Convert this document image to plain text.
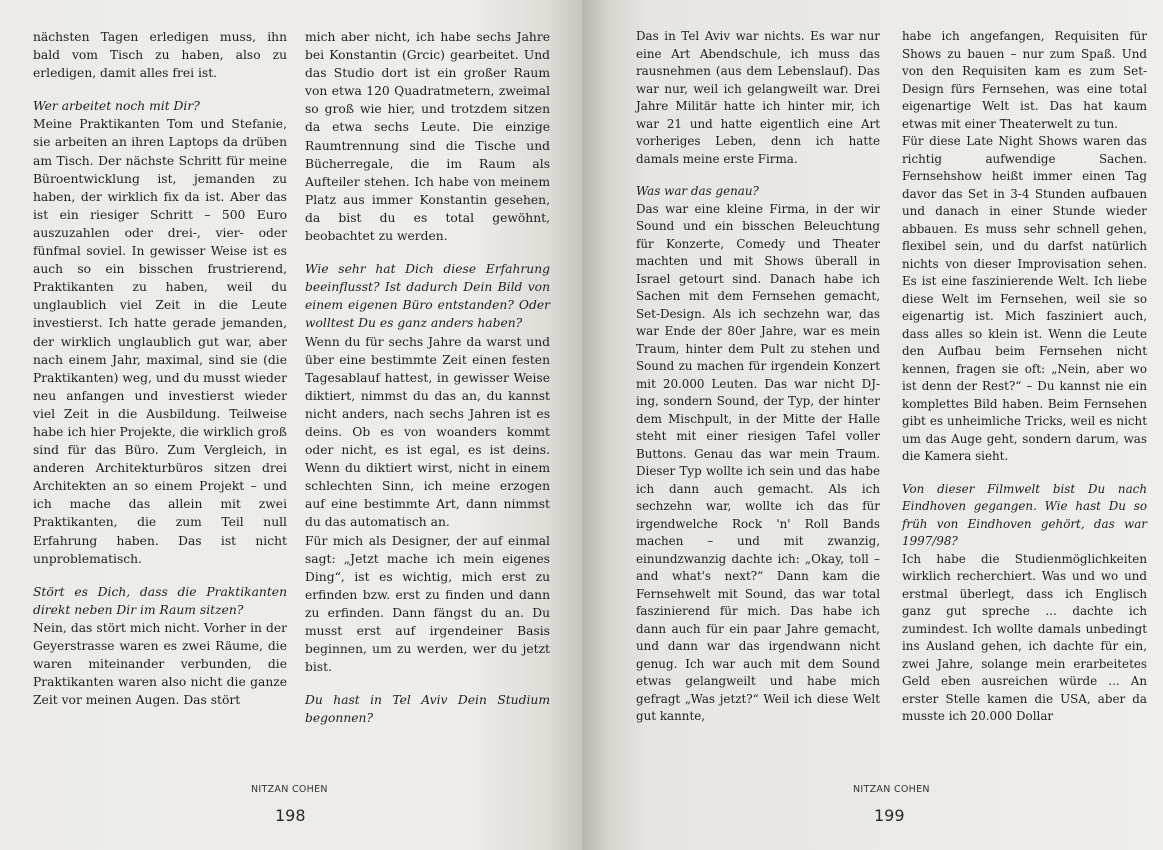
nächsten Tagen erledigen muss, ihn bald vom Tisch zu haben, also zu erledigen, damit alles frei ist.

Wer arbeitet noch mit Dir?

Meine Praktikanten Tom und Stefanie, sie arbeiten an ihren Laptops da drüben am Tisch. Der nächste Schritt für meine Büroentwicklung ist, jemanden zu haben, der wirklich fix da ist. Aber das ist ein riesiger Schritt – 500 Euro auszuzahlen oder drei-, vier- oder fünfmal soviel. In gewisser Weise ist es auch so ein bisschen frustrierend, Praktikanten zu haben, weil du unglaublich viel Zeit in die Leute investierst. Ich hatte gerade jemanden, der wirklich unglaublich gut war, aber nach einem Jahr, maximal, sind sie (die Praktikanten) weg, und du musst wieder neu anfangen und investierst wieder viel Zeit in die Ausbildung. Teilweise habe ich hier Projekte, die wirklich groß sind für das Büro. Zum Vergleich, in anderen Architekturbüros sitzen drei Architekten an so einem Projekt – und ich mache das allein mit zwei Praktikanten, die zum Teil null Erfahrung haben. Das ist nicht unproblematisch.

Stört es Dich, dass die Praktikanten direkt neben Dir im Raum sitzen?

Nein, das stört mich nicht. Vorher in der Geyerstrasse waren es zwei Räume, die waren miteinander verbunden, die Praktikanten waren also nicht die ganze Zeit vor meinen Augen. Das stört

mich aber nicht, ich habe sechs Jahre bei Konstantin (Grcic) gearbeitet. Und das Studio dort ist ein großer Raum von etwa 120 Quadratmetern, zweimal so groß wie hier, und trotzdem sitzen da etwa sechs Leute. Die einzige Raumtrennung sind die Tische und Bücherregale, die im Raum als Aufteiler stehen. Ich habe von meinem Platz aus immer Konstantin gesehen, da bist du es total gewöhnt, beobachtet zu werden.

Wie sehr hat Dich diese Erfahrung beeinflusst? Ist dadurch Dein Bild von einem eigenen Büro entstanden? Oder wolltest Du es ganz anders haben?

Wenn du für sechs Jahre da warst und über eine bestimmte Zeit einen festen Tagesablauf hattest, in gewisser Weise diktiert, nimmst du das an, du kannst nicht anders, nach sechs Jahren ist es deins. Ob es von woanders kommt oder nicht, es ist egal, es ist deins. Wenn du diktiert wirst, nicht in einem schlechten Sinn, ich meine erzogen auf eine bestimmte Art, dann nimmst du das automatisch an.

Für mich als Designer, der auf einmal sagt: „Jetzt mache ich mein eigenes Ding“, ist es wichtig, mich erst zu erfinden bzw. erst zu finden und dann zu erfinden. Dann fängst du an. Du musst erst auf irgendeiner Basis beginnen, um zu werden, wer du jetzt bist.

Du hast in Tel Aviv Dein Studium begonnen?

NITZAN COHEN
198

Das in Tel Aviv war nichts. Es war nur eine Art Abendschule, ich muss das rausnehmen (aus dem Lebenslauf). Das war nur, weil ich gelangweilt war. Drei Jahre Militär hatte ich hinter mir, ich war 21 und hatte eigentlich eine Art vorheriges Leben, denn ich hatte damals meine erste Firma.

Was war das genau?

Das war eine kleine Firma, in der wir Sound und ein bisschen Beleuchtung für Konzerte, Comedy und Theater machten und mit Shows überall in Israel getourt sind. Danach habe ich Sachen mit dem Fernsehen gemacht, Set-Design. Als ich sechzehn war, das war Ende der 80er Jahre, war es mein Traum, hinter dem Pult zu stehen und Sound zu machen für irgendein Konzert mit 20.000 Leuten. Das war nicht DJ-ing, sondern Sound, der Typ, der hinter dem Mischpult, in der Mitte der Halle steht mit einer riesigen Tafel voller Buttons. Genau das war mein Traum. Dieser Typ wollte ich sein und das habe ich dann auch gemacht. Als ich sechzehn war, wollte ich das für irgendwelche Rock 'n' Roll Bands machen – und mit zwanzig, einundzwanzig dachte ich: „Okay, toll – and what's next?“ Dann kam die Fernsehwelt mit Sound, das war total faszinierend für mich. Das habe ich dann auch für ein paar Jahre gemacht, und dann war das irgendwann nicht genug. Ich war auch mit dem Sound etwas gelangweilt und habe mich gefragt „Was jetzt?“ Weil ich diese Welt gut kannte,

habe ich angefangen, Requisiten für Shows zu bauen – nur zum Spaß. Und von den Requisiten kam es zum Set-Design fürs Fernsehen, was eine total eigenartige Welt ist. Das hat kaum etwas mit einer Theaterwelt zu tun.

Für diese Late Night Shows waren das richtig aufwendige Sachen. Fernsehshow heißt immer einen Tag davor das Set in 3-4 Stunden aufbauen und danach in einer Stunde wieder abbauen. Es muss sehr schnell gehen, flexibel sein, und du darfst natürlich nichts von dieser Improvisation sehen. Es ist eine faszinierende Welt. Ich liebe diese Welt im Fernsehen, weil sie so eigenartig ist. Mich fasziniert auch, dass alles so klein ist. Wenn die Leute den Aufbau beim Fernsehen nicht kennen, fragen sie oft: „Nein, aber wo ist denn der Rest?“ – Du kannst nie ein komplettes Bild haben. Beim Fernsehen gibt es unheimliche Tricks, weil es nicht um das Auge geht, sondern darum, was die Kamera sieht.

Von dieser Filmwelt bist Du nach Eindhoven gegangen. Wie hast Du so früh von Eindhoven gehört, das war 1997/98?

Ich habe die Studienmöglichkeiten wirklich recherchiert. Was und wo und erstmal überlegt, dass ich Englisch ganz gut spreche ... dachte ich zumindest. Ich wollte damals unbedingt ins Ausland gehen, ich dachte für ein, zwei Jahre, solange mein erarbeitetes Geld eben ausreichen würde ... An erster Stelle kamen die USA, aber da musste ich 20.000 Dollar

NITZAN COHEN
199
